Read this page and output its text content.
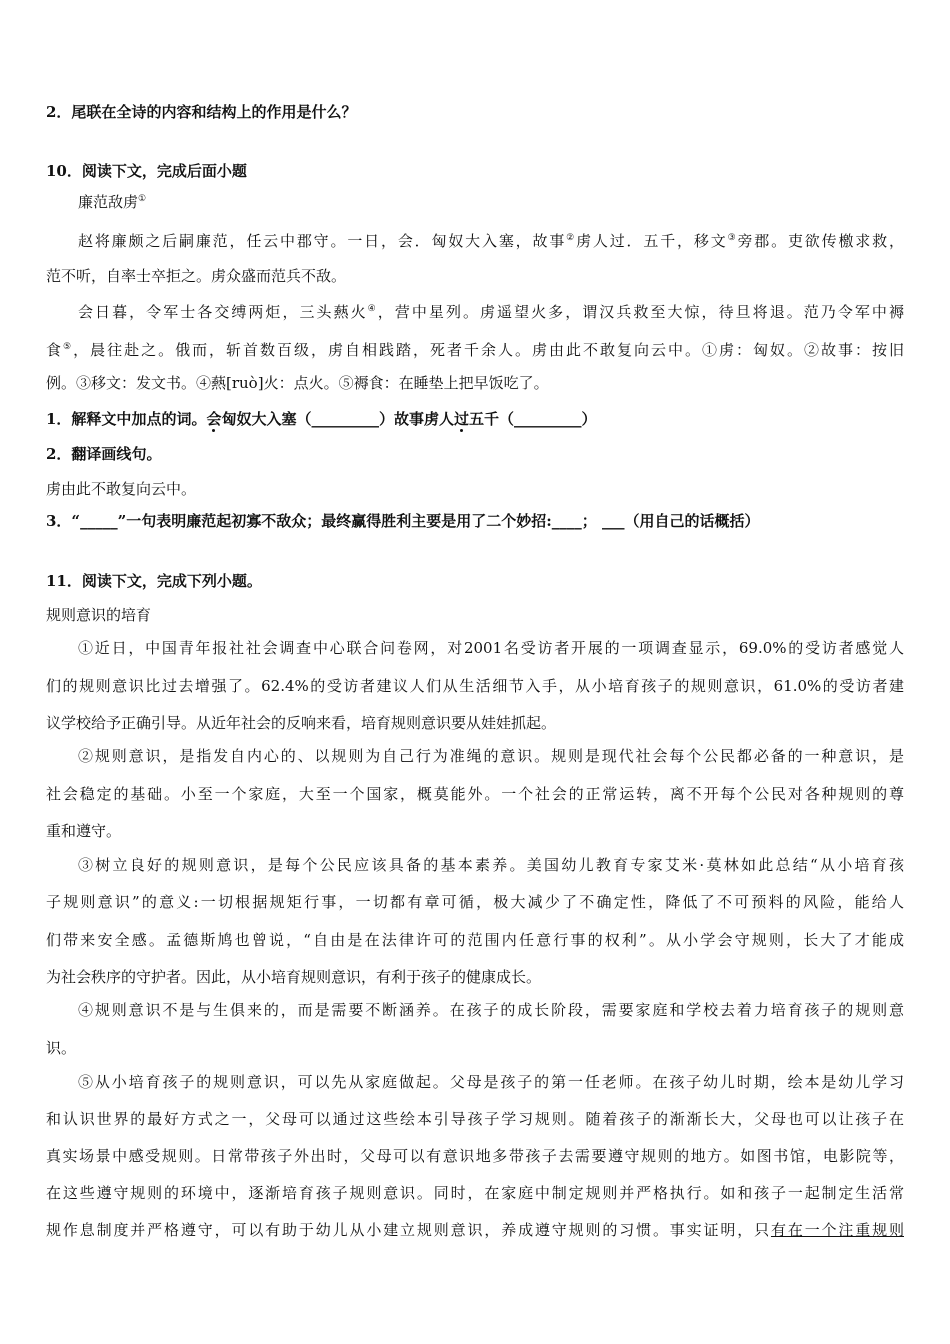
2．尾联在全诗的内容和结构上的作用是什么？
10．阅读下文，完成后面小题
廉范敌虏①
赵将廉颇之后嗣廉范，任云中郡守。一日，会．匈奴大入塞，故事②虏人过．五千，移文③旁郡。吏欲传檄求救，
范不听，自率士卒拒之。虏众盛而范兵不敌。
会日暮，令军士各交缚两炬，三头爇火④，营中星列。虏遥望火多，谓汉兵救至大惊，待旦将退。范乃令军中褥
食⑤，晨往赴之。俄而，斩首数百级，虏自相践踏，死者千余人。虏由此不敢复向云中。①虏：匈奴。②故事：按旧
例。③移文：发文书。④爇[ruò]火：点火。⑤褥食：在睡垫上把早饭吃了。
1．解释文中加点的词。会匈奴大入塞（_________）故事虏人过五千（_________）
2．翻译画线句。
虏由此不敢复向云中。
3．“_____”一句表明廉范起初寡不敌众；最终赢得胜利主要是用了二个妙招:____； ___（用自己的话概括）
11．阅读下文，完成下列小题。
规则意识的培育
①近日，中国青年报社社会调查中心联合问卷网，对2001名受访者开展的一项调查显示，69.0%的受访者感觉人
们的规则意识比过去增强了。62.4%的受访者建议人们从生活细节入手，从小培育孩子的规则意识，61.0%的受访者建
议学校给予正确引导。从近年社会的反响来看，培育规则意识要从娃娃抓起。
②规则意识，是指发自内心的、以规则为自己行为准绳的意识。规则是现代社会每个公民都必备的一种意识，是
社会稳定的基础。小至一个家庭，大至一个国家，概莫能外。一个社会的正常运转，离不开每个公民对各种规则的尊
重和遵守。
③树立良好的规则意识，是每个公民应该具备的基本素养。美国幼儿教育专家艾米·莫林如此总结“从小培育孩
子规则意识”的意义:一切根据规矩行事，一切都有章可循，极大减少了不确定性，降低了不可预料的风险，能给人
们带来安全感。孟德斯鸠也曾说，“自由是在法律许可的范围内任意行事的权利”。从小学会守规则，长大了才能成
为社会秩序的守护者。因此，从小培育规则意识，有利于孩子的健康成长。
④规则意识不是与生俱来的，而是需要不断涵养。在孩子的成长阶段，需要家庭和学校去着力培育孩子的规则意
识。
⑤从小培育孩子的规则意识，可以先从家庭做起。父母是孩子的第一任老师。在孩子幼儿时期，绘本是幼儿学习
和认识世界的最好方式之一，父母可以通过这些绘本引导孩子学习规则。随着孩子的渐渐长大，父母也可以让孩子在
真实场景中感受规则。日常带孩子外出时，父母可以有意识地多带孩子去需要遵守规则的地方。如图书馆，电影院等，
在这些遵守规则的环境中，逐渐培育孩子规则意识。同时，在家庭中制定规则并严格执行。如和孩子一起制定生活常
规作息制度并严格遵守，可以有助于幼儿从小建立规则意识，养成遵守规则的习惯。事实证明，只有在一个注重规则
